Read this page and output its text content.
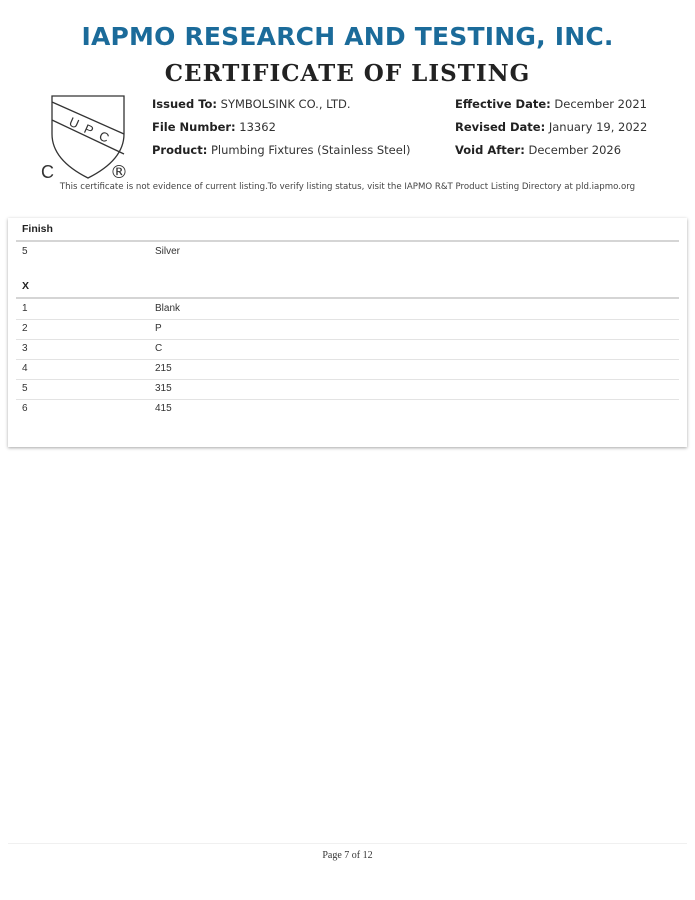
IAPMO RESEARCH AND TESTING, INC.
CERTIFICATE OF LISTING
U P C
C	®
Issued To: SYMBOLSINK CO., LTD.
File Number: 13362
Product: Plumbing Fixtures (Stainless Steel)
Effective Date: December 2021
Revised Date: January 19, 2022
Void After: December 2026
This certificate is not evidence of current listing.To verify listing status, visit the IAPMO R&T Product Listing Directory at pld.iapmo.org
Finish
5	Silver
X
1	Blank
2	P
3	C
4	215
5	315
6	415
Page 7 of 12
